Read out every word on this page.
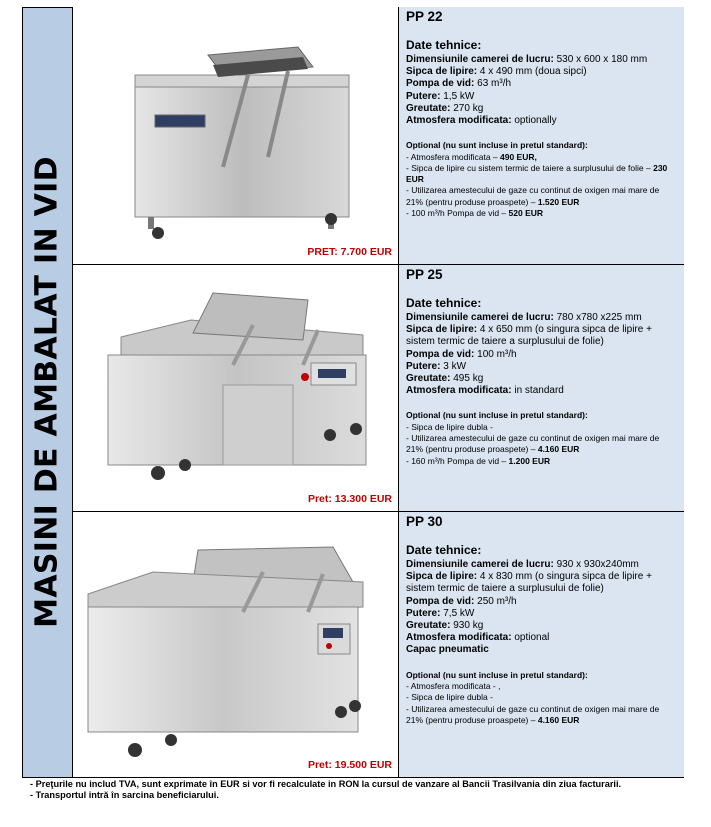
MASINI DE AMBALAT IN VID	PRET: 7.700 EUR
PP 22
Date tehnice:
Dimensiunile camerei de lucru: 530 x 600 x 180 mm
Sipca de lipire: 4 x 490 mm (doua sipci)
Pompa de vid: 63 m³/h
Putere: 1,5 kW
Greutate: 270 kg
Atmosfera modificata: optionally
Optional (nu sunt incluse in pretul standard):
- Atmosfera modificata – 490 EUR,
- Sipca de lipire cu sistem termic de taiere a surplusului de folie – 230 EUR
- Utilizarea amestecului de gaze cu continut de oxigen mai mare de 21% (pentru produse proaspete) – 1.520 EUR
- 100 m³/h Pompa de vid – 520 EUR
Pret: 13.300 EUR
PP 25
Date tehnice:
Dimensiunile camerei de lucru: 780 x780 x225 mm
Sipca de lipire: 4 x 650 mm (o singura sipca de lipire +
sistem termic de taiere a surplusului de folie)
Pompa de vid: 100 m³/h
Putere: 3 kW
Greutate: 495 kg
Atmosfera modificata: in standard
Optional (nu sunt incluse in pretul standard):
- Sipca de lipire dubla -
- Utilizarea amestecului de gaze cu continut de oxigen mai mare de 21% (pentru produse proaspete) – 4.160 EUR
- 160 m³/h Pompa de vid – 1.200 EUR
Pret: 19.500 EUR
PP 30
Date tehnice:
Dimensiunile camerei de lucru: 930 x 930x240mm
Sipca de lipire: 4 x 830 mm (o singura sipca de lipire +
sistem termic de taiere a surplusului de folie)
Pompa de vid: 250 m³/h
Putere: 7,5 kW
Greutate: 930 kg
Atmosfera modificata: optional
Capac pneumatic
Optional (nu sunt incluse in pretul standard):
- Atmosfera modificata - ,
- Sipca de lipire dubla -
- Utilizarea amestecului de gaze cu continut de oxigen mai mare de 21% (pentru produse proaspete) – 4.160 EUR
- Preţurile nu includ TVA, sunt exprimate în EUR si vor fi recalculate in RON la cursul de vanzare al Bancii Trasilvania din ziua facturarii.
- Transportul intră în sarcina beneficiarului.
